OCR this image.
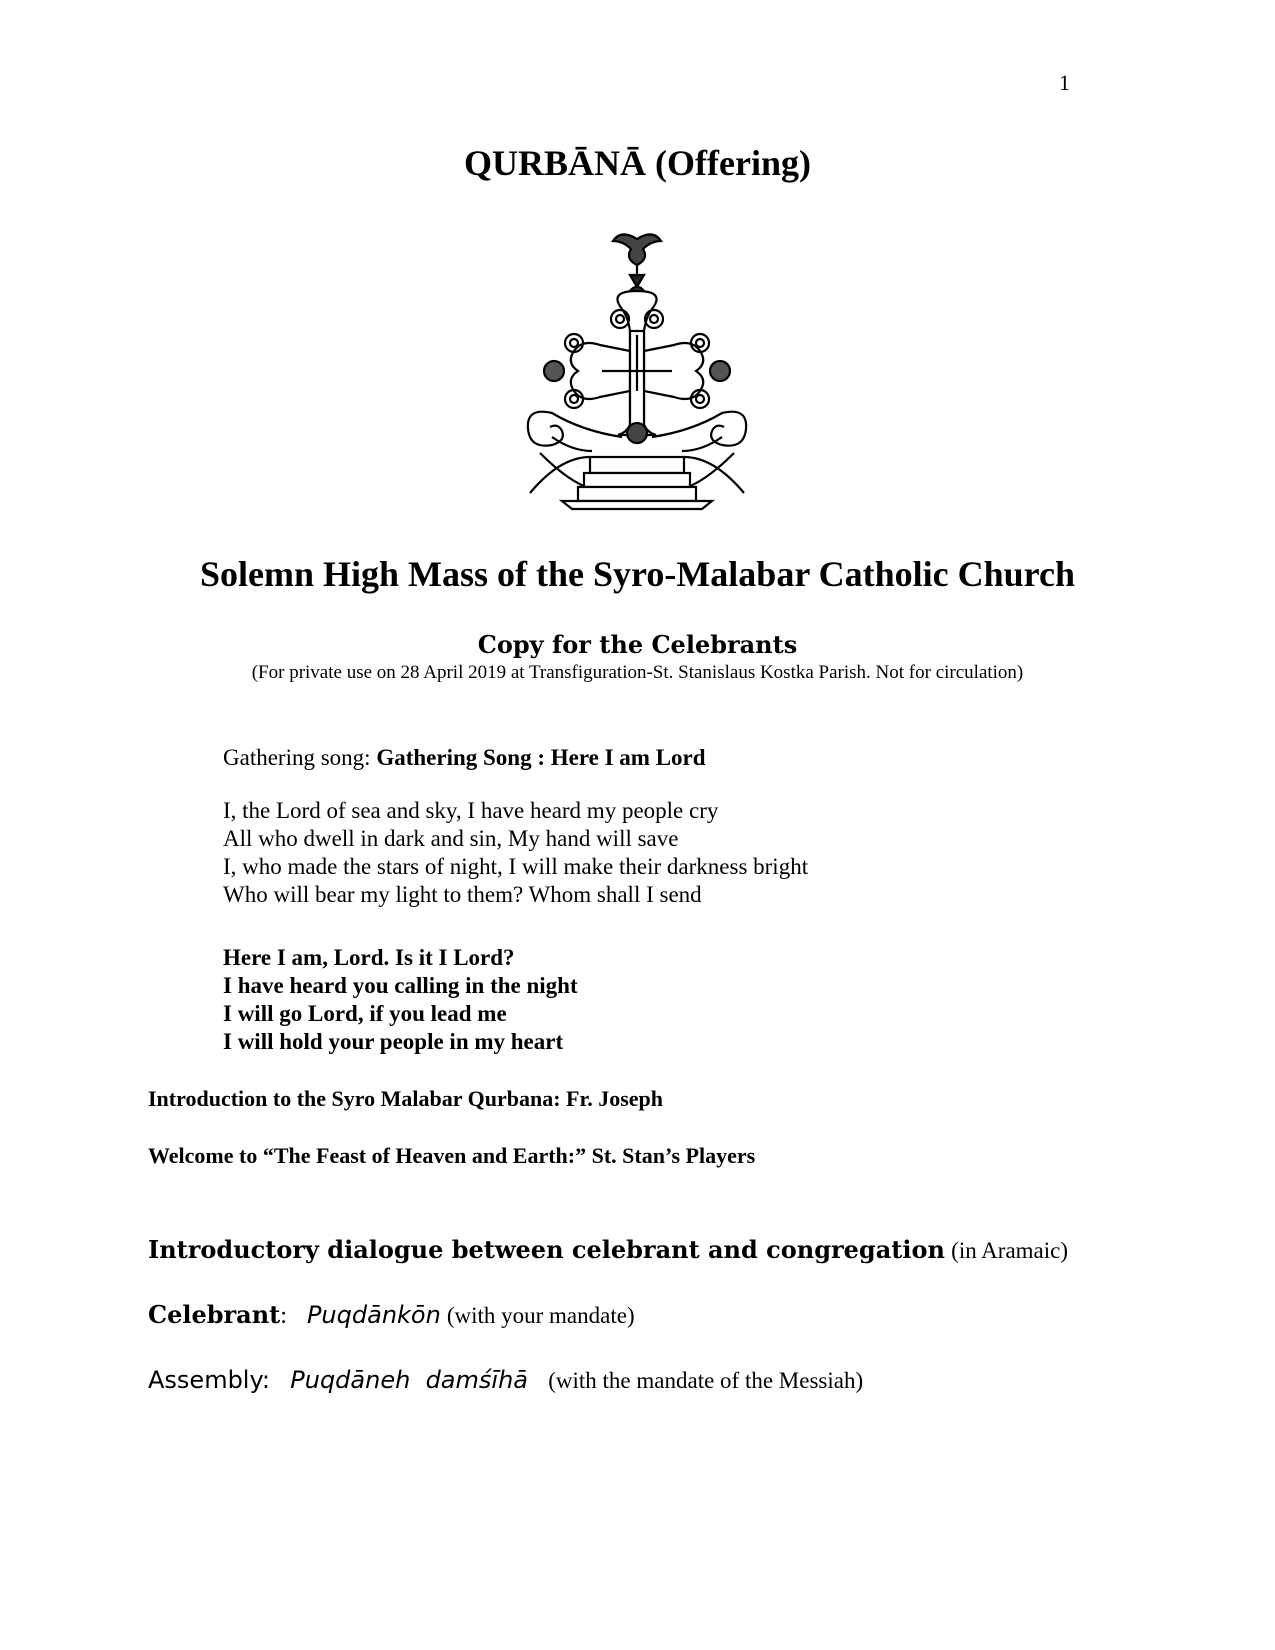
1
QURBĀNĀ (Offering)
Solemn High Mass of the Syro-Malabar Catholic Church
Copy for the Celebrants
(For private use on 28 April 2019 at Transfiguration-St. Stanislaus Kostka Parish. Not for circulation)
Gathering song: Gathering Song : Here I am Lord
I, the Lord of sea and sky, I have heard my people cry
All who dwell in dark and sin, My hand will save
I, who made the stars of night, I will make their darkness bright
Who will bear my light to them? Whom shall I send
Here I am, Lord. Is it I Lord?
I have heard you calling in the night
I will go Lord, if you lead me
I will hold your people in my heart
Introduction to the Syro Malabar Qurbana: Fr. Joseph
Welcome to “The Feast of Heaven and Earth:” St. Stan’s Players
Introductory dialogue between celebrant and congregation (in Aramaic)
Celebrant: Puqdānkōn (with your mandate)
Assembly: Puqdāneh  damśīhā (with the mandate of the Messiah)
